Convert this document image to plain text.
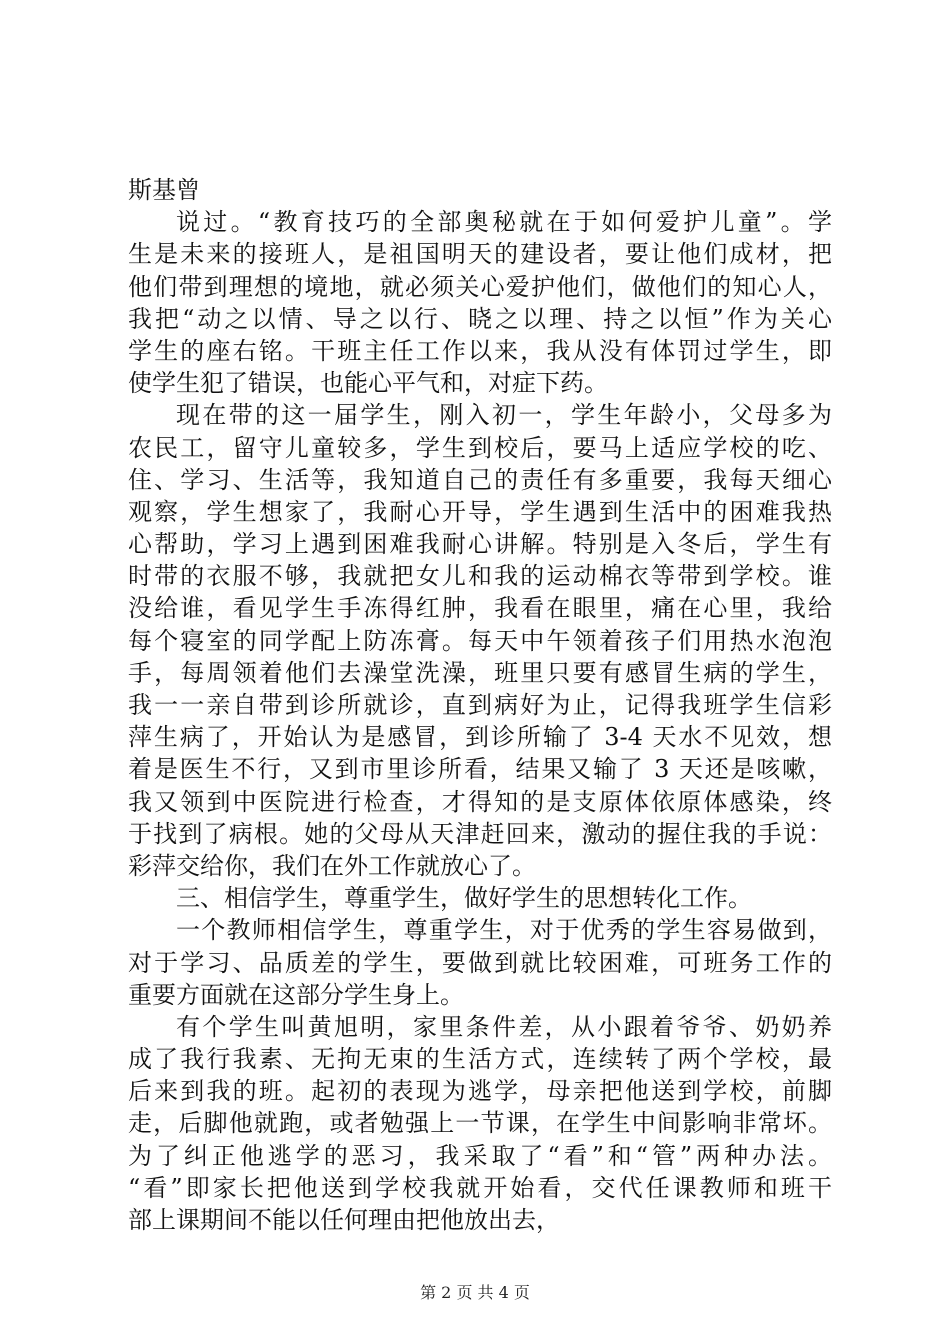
斯基曾
说过。“教育技巧的全部奥秘就在于如何爱护儿童”。学
生是未来的接班人，是祖国明天的建设者，要让他们成材，把
他们带到理想的境地，就必须关心爱护他们，做他们的知心人，
我把“动之以情、导之以行、晓之以理、持之以恒”作为关心
学生的座右铭。干班主任工作以来，我从没有体罚过学生，即
使学生犯了错误，也能心平气和，对症下药。
现在带的这一届学生，刚入初一，学生年龄小，父母多为
农民工，留守儿童较多，学生到校后，要马上适应学校的吃、
住、学习、生活等，我知道自己的责任有多重要，我每天细心
观察，学生想家了，我耐心开导，学生遇到生活中的困难我热
心帮助，学习上遇到困难我耐心讲解。特别是入冬后，学生有
时带的衣服不够，我就把女儿和我的运动棉衣等带到学校。谁
没给谁，看见学生手冻得红肿，我看在眼里，痛在心里，我给
每个寝室的同学配上防冻膏。每天中午领着孩子们用热水泡泡
手，每周领着他们去澡堂洗澡，班里只要有感冒生病的学生，
我一一亲自带到诊所就诊，直到病好为止，记得我班学生信彩
萍生病了，开始认为是感冒，到诊所输了 3-4 天水不见效，想
着是医生不行，又到市里诊所看，结果又输了 3 天还是咳嗽，
我又领到中医院进行检查，才得知的是支原体依原体感染，终
于找到了病根。她的父母从天津赶回来，激动的握住我的手说：
彩萍交给你，我们在外工作就放心了。
三、相信学生，尊重学生，做好学生的思想转化工作。
一个教师相信学生，尊重学生，对于优秀的学生容易做到，
对于学习、品质差的学生，要做到就比较困难，可班务工作的
重要方面就在这部分学生身上。
有个学生叫黄旭明，家里条件差，从小跟着爷爷、奶奶养
成了我行我素、无拘无束的生活方式，连续转了两个学校，最
后来到我的班。起初的表现为逃学，母亲把他送到学校，前脚
走，后脚他就跑，或者勉强上一节课，在学生中间影响非常坏。
为了纠正他逃学的恶习，我采取了“看”和“管”两种办法。
“看”即家长把他送到学校我就开始看，交代任课教师和班干
部上课期间不能以任何理由把他放出去，
第 2 页 共 4 页
